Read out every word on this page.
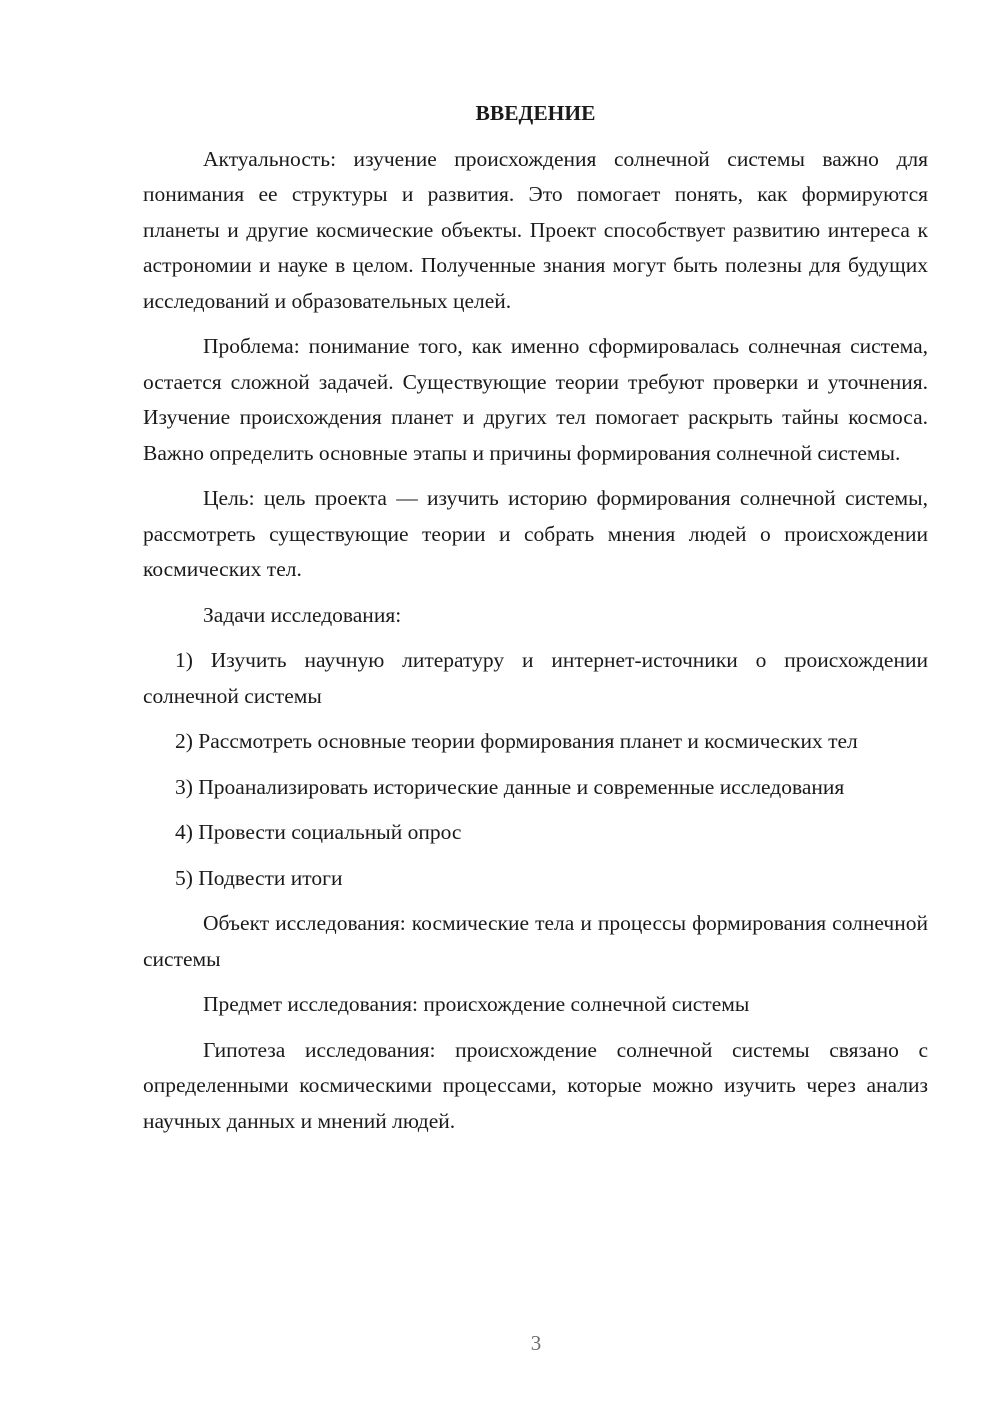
ВВЕДЕНИЕ
Актуальность: изучение происхождения солнечной системы важно для понимания ее структуры и развития. Это помогает понять, как формируются планеты и другие космические объекты. Проект способствует развитию интереса к астрономии и науке в целом. Полученные знания могут быть полезны для будущих исследований и образовательных целей.
Проблема: понимание того, как именно сформировалась солнечная система, остается сложной задачей. Существующие теории требуют проверки и уточнения. Изучение происхождения планет и других тел помогает раскрыть тайны космоса. Важно определить основные этапы и причины формирования солнечной системы.
Цель: цель проекта — изучить историю формирования солнечной системы, рассмотреть существующие теории и собрать мнения людей о происхождении космических тел.
Задачи исследования:
1) Изучить научную литературу и интернет-источники о происхождении солнечной системы
2) Рассмотреть основные теории формирования планет и космических тел
3) Проанализировать исторические данные и современные исследования
4) Провести социальный опрос
5) Подвести итоги
Объект исследования: космические тела и процессы формирования солнечной системы
Предмет исследования: происхождение солнечной системы
Гипотеза исследования: происхождение солнечной системы связано с определенными космическими процессами, которые можно изучить через анализ научных данных и мнений людей.
3
